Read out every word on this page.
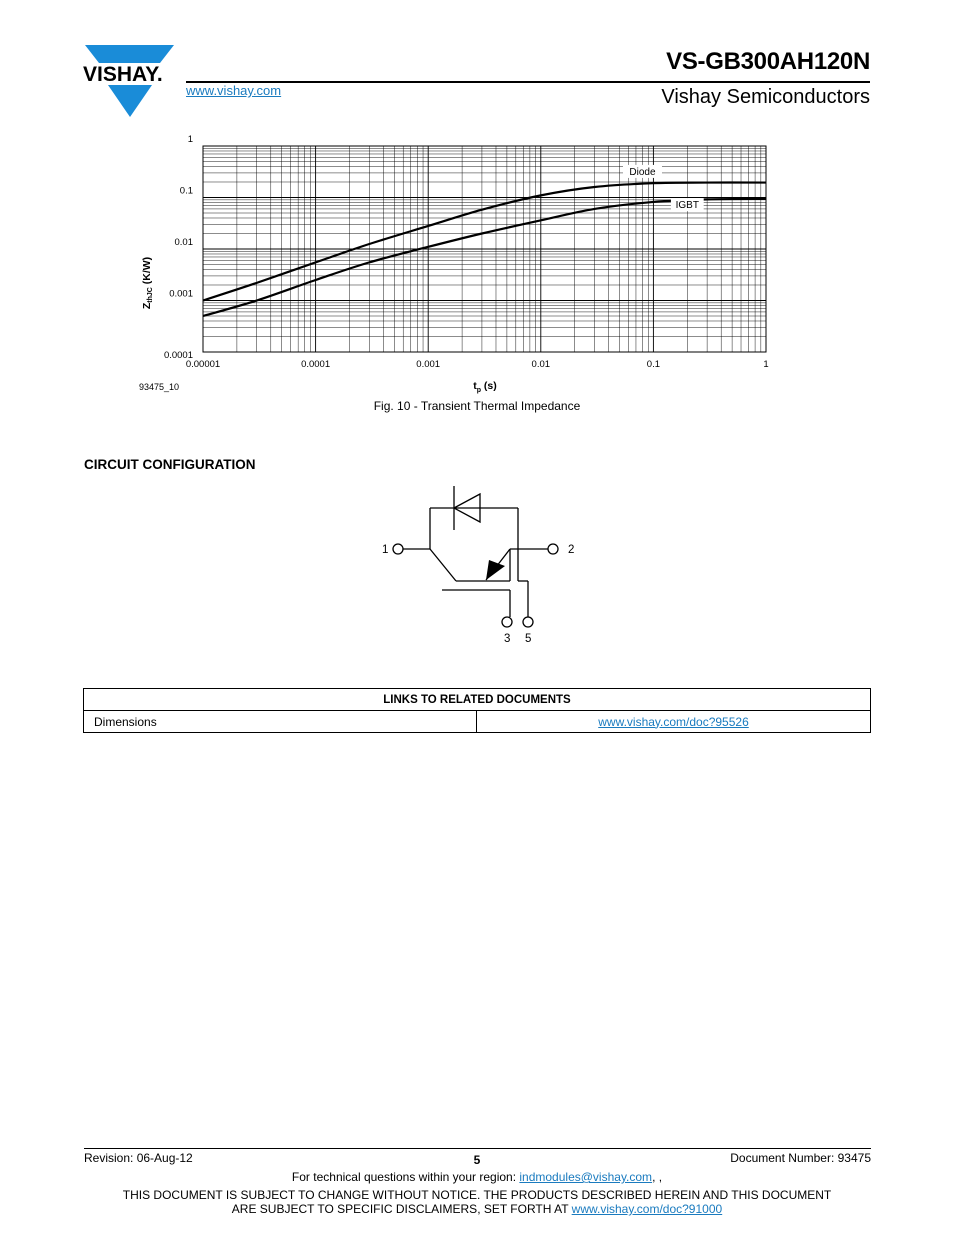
VISHAY.	VS-GB300AH120N
www.vishay.com	Vishay Semiconductors
0.00001	0.0001	0.001	0.01	0.1	1
1
0.1
0.01
0.001
0.0001
Diode
IGBT
ZthJC (K/W)
$t_p$ (s)
93475_10
Fig. 10 - Transient Thermal Impedance
CIRCUIT CONFIGURATION
1	2
3 5
LINKS TO RELATED DOCUMENTS
Dimensions	www.vishay.com/doc?95526
Revision: 06-Aug-12	5	Document Number: 93475
For technical questions within your region: indmodules@vishay.com, ,
THIS DOCUMENT IS SUBJECT TO CHANGE WITHOUT NOTICE. THE PRODUCTS DESCRIBED HEREIN AND THIS DOCUMENT
ARE SUBJECT TO SPECIFIC DISCLAIMERS, SET FORTH AT www.vishay.com/doc?91000
